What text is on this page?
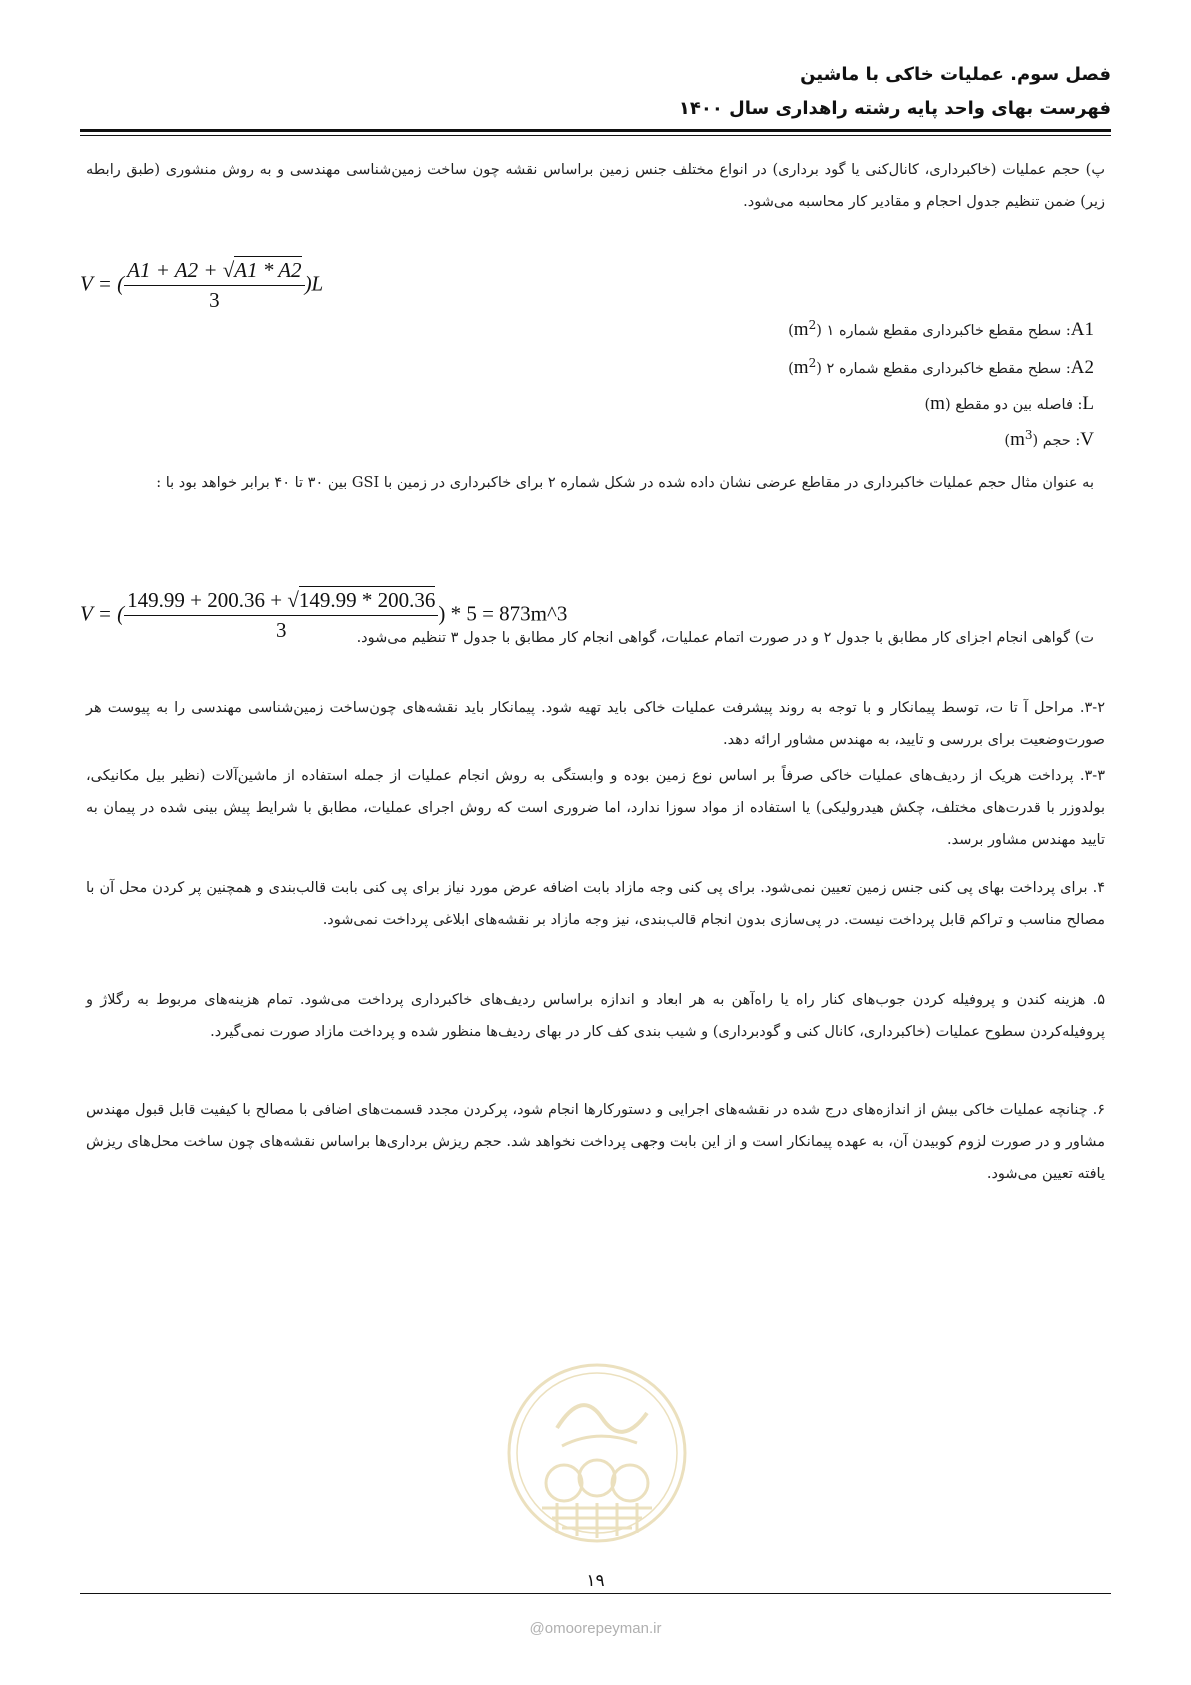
فصل سوم. عملیات خاکی با ماشین
فهرست بهای واحد پایه رشته راهداری سال ۱۴۰۰
پ) حجم عملیات (خاکبرداری، کانال‌کنی یا گود برداری) در انواع مختلف جنس زمین براساس نقشه چون ساخت زمین‌شناسی مهندسی و به روش منشوری (طبق رابطه زیر) ضمن تنظیم جدول احجام و مقادیر کار محاسبه می‌شود.
V = ( $\frac{A1 + A2 + √A1 * A2}{3} )L$
A1: سطح مقطع خاکبرداری مقطع شماره ۱ $(m^2)$
A2: سطح مقطع خاکبرداری مقطع شماره ۲ $(m^2)$
L: فاصله بین دو مقطع (m)
V: حجم $(m^3)$
به عنوان مثال حجم عملیات خاکبرداری در مقاطع عرضی نشان داده شده در شکل شماره ۲ برای خاکبرداری در زمین با GSI بین ۳۰ تا ۴۰ برابر خواهد بود با :
V = ( $\frac{149.99 + 200.36 + √149.99 * 200.36}{3}$ ) * 5 = 873m^3
ت) گواهی انجام اجزای کار مطابق با جدول ۲ و در صورت اتمام عملیات، گواهی انجام کار مطابق با جدول ۳ تنظیم می‌شود.
۳-۲. مراحل آ تا ت، توسط پیمانکار و با توجه به روند پیشرفت عملیات خاکی باید تهیه شود. پیمانکار باید نقشه‌های چون‌ساخت زمین‌شناسی مهندسی را به پیوست هر صورت‌وضعیت برای بررسی و تایید، به مهندس مشاور ارائه دهد.
۳-۳. پرداخت هریک از ردیف‌های عملیات خاکی صرفاً بر اساس نوع زمین بوده و وابستگی به روش انجام عملیات از جمله استفاده از ماشین‌آلات (نظیر بیل مکانیکی، بولدوزر با قدرت‌های مختلف، چکش هیدرولیکی) یا استفاده از مواد سوزا ندارد، اما ضروری است که روش اجرای عملیات، مطابق با شرایط پیش بینی شده در پیمان به تایید مهندس مشاور برسد.
۴. برای پرداخت بهای پی کنی جنس زمین تعیین نمی‌شود. برای پی کنی وجه مازاد بابت اضافه عرض مورد نیاز برای پی کنی بابت قالب‌بندی و همچنین پر کردن محل آن با مصالح مناسب و تراکم قابل پرداخت نیست. در پی‌سازی بدون انجام قالب‌بندی، نیز وجه مازاد بر نقشه‌های ابلاغی پرداخت نمی‌شود.
۵. هزینه کندن و پروفیله کردن جوب‌های کنار راه یا راه‌آهن به هر ابعاد و اندازه براساس ردیف‌های خاکبرداری پرداخت می‌شود. تمام هزینه‌های مربوط به رگلاژ و پروفیله‌کردن سطوح عملیات (خاکبرداری، کانال کنی و گودبرداری) و شیب بندی کف کار در بهای ردیف‌ها منظور شده و پرداخت مازاد صورت نمی‌گیرد.
۶. چنانچه عملیات خاکی بیش از اندازه‌های درج شده در نقشه‌های اجرایی و دستورکارها انجام شود، پرکردن مجدد قسمت‌های اضافی با مصالح با کیفیت قابل قبول مهندس مشاور و در صورت لزوم کوبیدن آن، به عهده پیمانکار است و از این بابت وجهی پرداخت نخواهد شد. حجم ریزش برداری‌ها براساس نقشه‌های چون ساخت محل‌های ریزش یافته تعیین می‌شود.
۱۹
@omoorepeyman.ir
